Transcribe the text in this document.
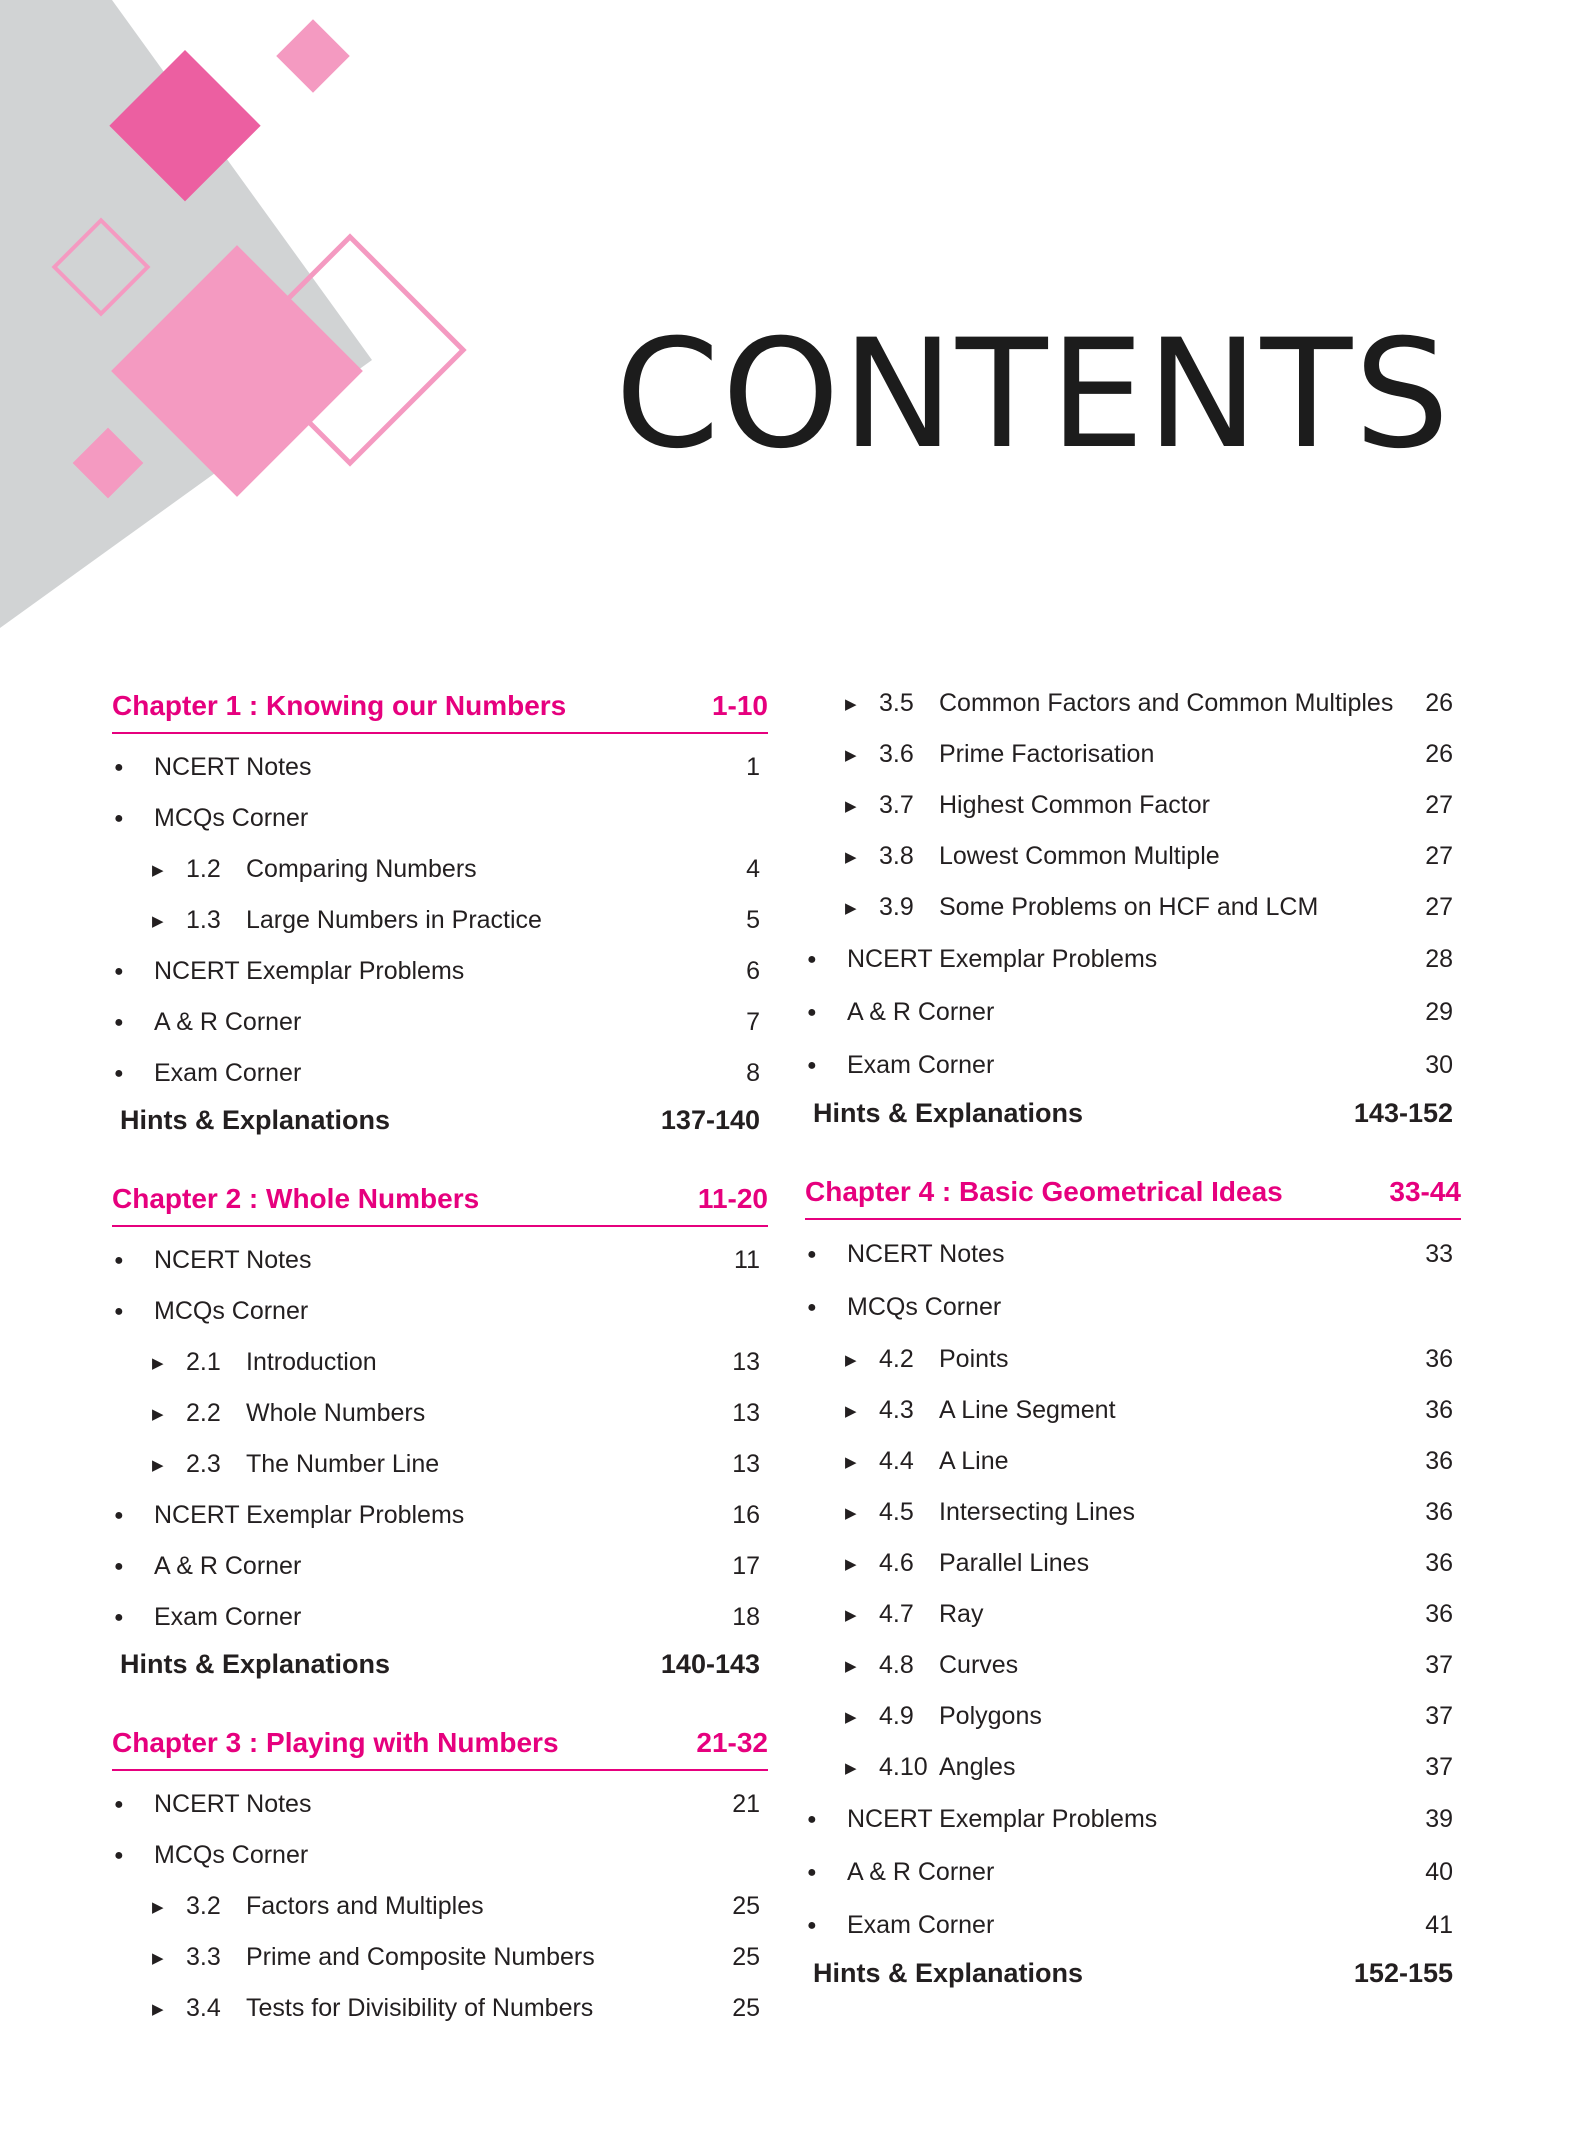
CONTENTS
Chapter 1 : Knowing our Numbers	1-10
●
NCERT Notes	1
●
MCQs Corner
▶
1.2	Comparing Numbers	4
▶
1.3	Large Numbers in Practice	5
●
NCERT Exemplar Problems	6
●
A & R Corner	7
●
Exam Corner	8
Hints & Explanations	137-140
Chapter 2 : Whole Numbers	11-20
●
NCERT Notes	11
●
MCQs Corner
▶
2.1	Introduction	13
▶
2.2	Whole Numbers	13
▶
2.3	The Number Line	13
●
NCERT Exemplar Problems	16
●
A & R Corner	17
●
Exam Corner	18
Hints & Explanations	140-143
Chapter 3 : Playing with Numbers	21-32
●
NCERT Notes	21
●
MCQs Corner
▶
3.2	Factors and Multiples	25
▶
3.3	Prime and Composite Numbers	25
▶
3.4	Tests for Divisibility of Numbers	25
▶
3.5	Common Factors and Common Multiples 26
▶
3.6	Prime Factorisation	26
▶
3.7	Highest Common Factor	27
▶
3.8	Lowest Common Multiple	27
▶
3.9	Some Problems on HCF and LCM	27
●
NCERT Exemplar Problems	28
●
A & R Corner	29
●
Exam Corner	30
Hints & Explanations	143-152
Chapter 4 : Basic Geometrical Ideas	33-44
●
NCERT Notes	33
●
MCQs Corner
▶
4.2	Points	36
▶
4.3	A Line Segment	36
▶
4.4	A Line	36
▶
4.5	Intersecting Lines	36
▶
4.6	Parallel Lines	36
▶
4.7	Ray	36
▶
4.8	Curves	37
▶
4.9	Polygons	37
▶
4.10 Angles	37
●
NCERT Exemplar Problems	39
●
A & R Corner	40
●
Exam Corner	41
Hints & Explanations	152-155
